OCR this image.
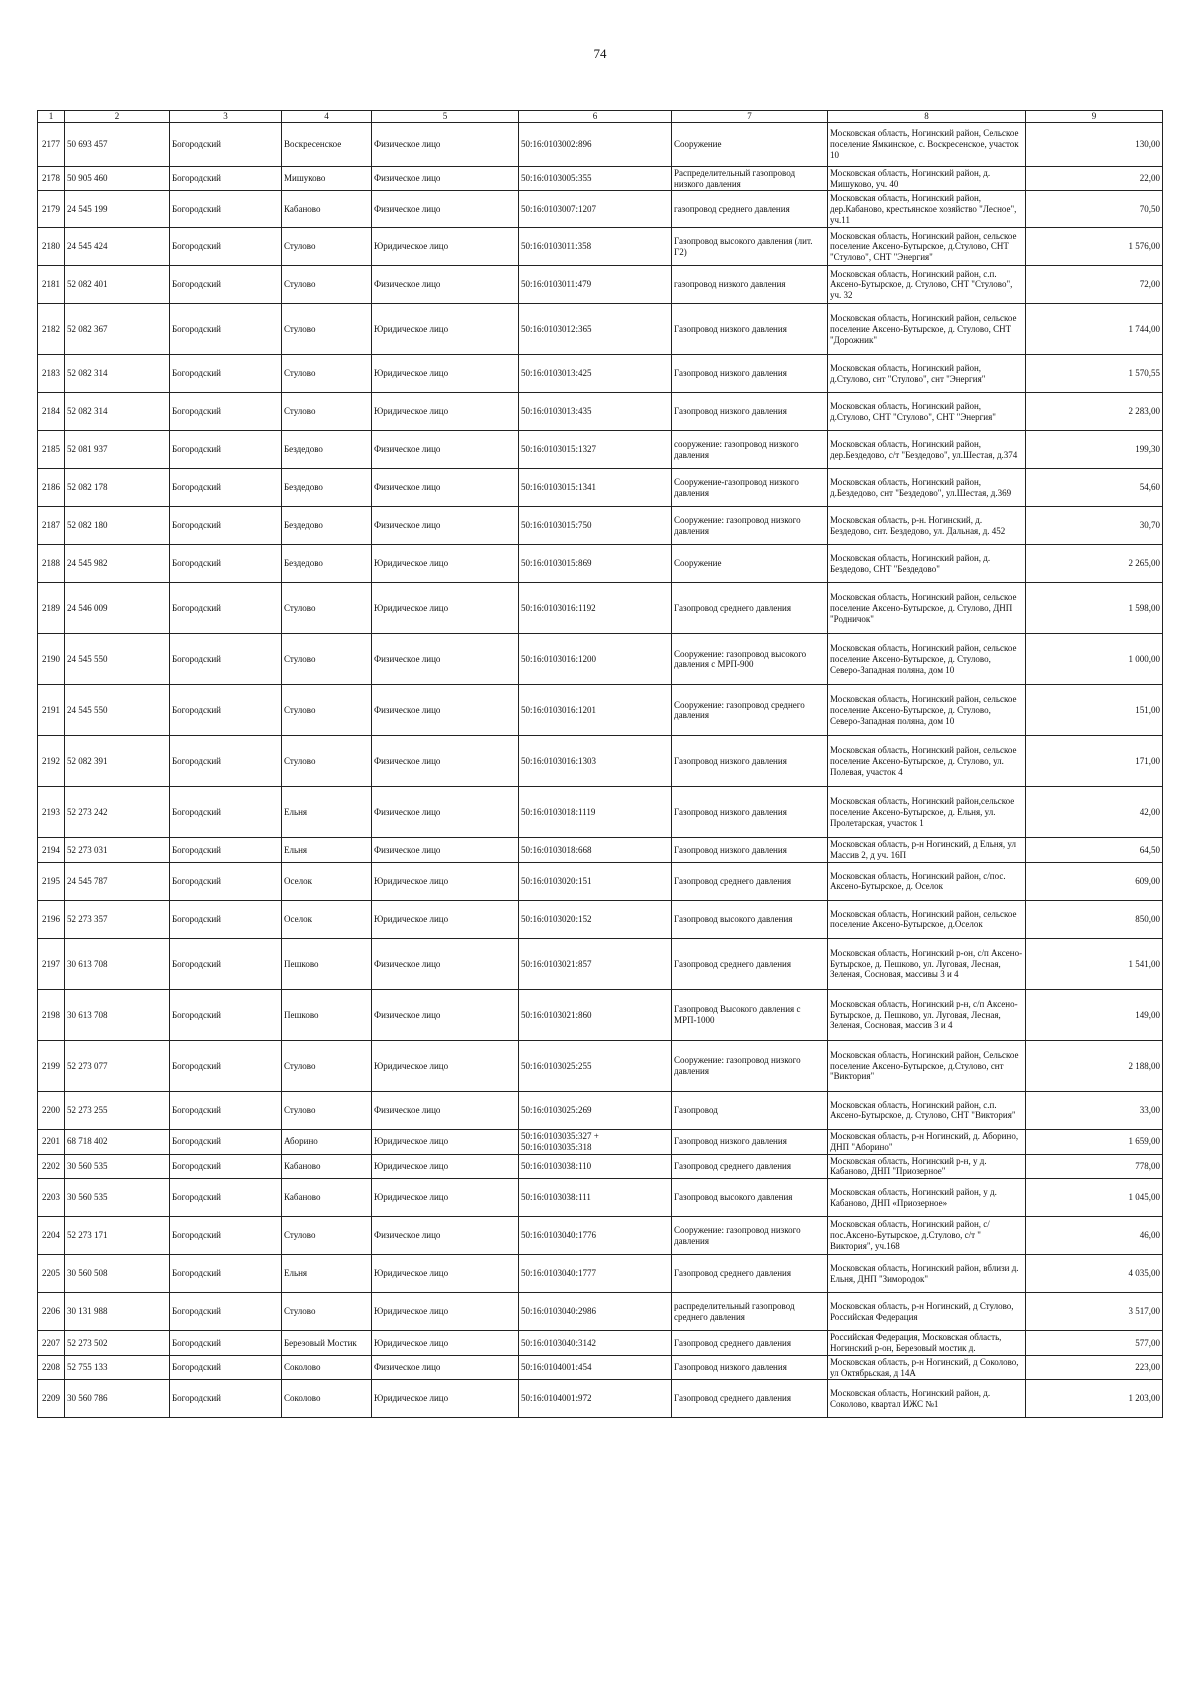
74
1	2	3	4	5	6	7	8	9
2177	50 693 457	Богородский	Воскресенское	Физическое лицо	50:16:0103002:896	Сооружение	Московская область, Ногинский район, Сельское поселение Ямкинское, с. Воскресенское, участок 10	130,00
2178	50 905 460	Богородский	Мишуково	Физическое лицо	50:16:0103005:355	Распределительный газопровод низкого давления	Московская область, Ногинский район, д. Мишуково, уч. 40	22,00
2179	24 545 199	Богородский	Кабаново	Физическое лицо	50:16:0103007:1207	газопровод среднего давления	Московская область, Ногинский район, дер.Кабаново, крестьянское хозяйство "Лесное", уч.11	70,50
2180	24 545 424	Богородский	Стулово	Юридическое лицо	50:16:0103011:358	Газопровод высокого давления (лит. Г2)	Московская область, Ногинский район, сельское поселение Аксено-Бутырское, д.Стулово, СНТ "Стулово", СНТ "Энергия"	1 576,00
2181	52 082 401	Богородский	Стулово	Физическое лицо	50:16:0103011:479	газопровод низкого давления	Московская область, Ногинский район, с.п. Аксено-Бутырское, д. Стулово, СНТ "Стулово", уч. 32	72,00
2182	52 082 367	Богородский	Стулово	Юридическое лицо	50:16:0103012:365	Газопровод низкого давления	Московская область, Ногинский район, сельское поселение Аксено-Бутырское, д. Стулово, СНТ "Дорожник"	1 744,00
2183	52 082 314	Богородский	Стулово	Юридическое лицо	50:16:0103013:425	Газопровод низкого давления	Московская область, Ногинский район, д.Стулово, снт "Стулово", снт "Энергия"	1 570,55
2184	52 082 314	Богородский	Стулово	Юридическое лицо	50:16:0103013:435	Газопровод низкого дав​ления	Московская область, Ногинский район, д.Стулово, СНТ "Стулово", СНТ "Энергия"	2 283,00
2185	52 081 937	Богородский	Бездедово	Физическое лицо	50:16:0103015:1327	сооружение: газопровод низкого давления	Московская область, Ногинский район, дер.Бездедово, с/т "Бездедово", ул.Шестая, д.374	199,30
2186	52 082 178	Богородский	Бездедово	Физическое лицо	50:16:0103015:1341	Сооружение-газопровод низкого давления	Московская область, Ногинский район, д.Бездедово, снт "Бездедово", ул.Шестая, д.369	54,60
2187	52 082 180	Богородский	Бездедово	Физическое лицо	50:16:0103015:750	Сооружение: газопровод низкого давления	Московская область, р-н. Ногинский, д. Бездедово, снт. Бездедово, ул. Дальная, д. 452	30,70
2188	24 545 982	Богородский	Бездедово	Юридическое лицо	50:16:0103015:869	Сооружение	Московская область, Ногинский район, д. Бездедово, СНТ "Бездедово"	2 265,00
2189	24 546 009	Богородский	Стулово	Юридическое лицо	50:16:0103016:1192	Газопровод среднего давления	Московская область, Ногинский район, сельское поселение Аксено-Бутырское, д. Стулово, ДНП "Родничок"	1 598,00
2190	24 545 550	Богородский	Стулово	Физическое лицо	50:16:0103016:1200	Сооружение: газопровод высокого давления с МРП-900	Московская область, Ногинский район, сельское поселение Аксено-Бутырское, д. Стулово, Северо-Западная поляна, дом 10	1 000,00
2191	24 545 550	Богородский	Стулово	Физическое лицо	50:16:0103016:1201	Сооружение: газопровод среднего давления	Московская область, Ногинский район, сельское поселение Аксено-Бутырское, д. Стулово, Северо-Западная поляна, дом 10	151,00
2192	52 082 391	Богородский	Стулово	Физическое лицо	50:16:0103016:1303	Газопровод низкого давления	Московская область, Ногинский район, сельское поселение Аксено-Бутырское, д. Стулово, ул. Полевая, участок 4	171,00
2193	52 273 242	Богородский	Ельня	Физическое лицо	50:16:0103018:1119	Газопровод низкого давления	Московская область, Ногинский район,сельское поселение Аксено-Бутырское, д. Ельня, ул. Пролетарская, участок 1	42,00
2194	52 273 031	Богородский	Ельня	Физическое лицо	50:16:0103018:668	Газопровод низкого давления	Московская область, р-н Ногинский, д Ельня, ул Массив 2, д уч. 16П	64,50
2195	24 545 787	Богородский	Оселок	Юридическое лицо	50:16:0103020:151	Газопровод среднего давления	Московская область, Ногинский район, с/пос. Аксено-Бутырское, д. Оселок	609,00
2196	52 273 357	Богородский	Оселок	Юридическое лицо	50:16:0103020:152	Газопровод высокого давления	Московская область, Ногинский район, сельское поселение Аксено-Бутырское, д.Оселок	850,00
2197	30 613 708	Богородский	Пешково	Физическое лицо	50:16:0103021:857	Газопровод среднего давления	Московская область, Ногинский р-он, с/п Аксено-Бутырское, д. Пешково, ул. Луговая, Лесная, Зеленая, Сосновая, массивы 3 и 4	1 541,00
2198	30 613 708	Богородский	Пешково	Физическое лицо	50:16:0103021:860	Газопровод Высокого давления с МРП-1000	Московская область, Ногинский р-н, с/п Аксено-Бутырское, д. Пешково, ул. Луговая, Лесная, Зеленая, Сосновая, массив 3 и 4	149,00
2199	52 273 077	Богородский	Стулово	Юридическое лицо	50:16:0103025:255	Сооружение: газопровод низкого давления	Московская область, Ногинский район, Сельское поселение Аксено-Бутырское, д.Стулово, снт "Виктория"	2 188,00
2200	52 273 255	Богородский	Стулово	Физическое лицо	50:16:0103025:269	Газопровод	Московская область, Ногинский район, с.п. Аксено-Бутырское, д. Стулово, СНТ "Виктория"	33,00
2201	68 718 402	Богородский	Аборино	Юридическое лицо	50:16:0103035:327 + 50:16:0103035:318	Газопровод низкого давления	Московская область, р-н Ногинский, д. Аборино, ДНП "Аборино"	1 659,00
2202	30 560 535	Богородский	Кабаново	Юридическое лицо	50:16:0103038:110	Газопровод среднего давления	Московская область, Ногинский р-н, у д. Кабаново, ДНП "Приозерное"	778,00
2203	30 560 535	Богородский	Кабаново	Юридическое лицо	50:16:0103038:111	Газопровод высокого давления	Московская область, Ногинский район, у д. Кабаново, ДНП «Приозерное»	1 045,00
2204	52 273 171	Богородский	Стулово	Физическое лицо	50:16:0103040:1776	Сооружение: газопровод низкого давления	Московская область, Ногинский район, с/пос.Аксено-Бутырское, д.Стулово, с/т " Виктория", уч.168	46,00
2205	30 560 508	Богородский	Ельня	Юридическое лицо	50:16:0103040:1777	Газопровод среднего давления	Московская область, Ногинский район, вблизи д. Ельня, ДНП "Зимородок"	4 035,00
2206	30 131 988	Богородский	Стулово	Юридическое лицо	50:16:0103040:2986	распределительный газопровод среднего давления	Московская область, р-н Ногинский, д Стулово, Российская Федерация	3 517,00
2207	52 273 502	Богородский	Березовый Мостик	Юридическое лицо	50:16:0103040:3142	Газопровод среднего давления	Российская Федерация, Московская область, Ногинский р-он, Березовый мостик д.	577,00
2208	52 755 133	Богородский	Соколово	Физическое лицо	50:16:0104001:454	Газопровод низкого давления	Московская область, р-н Ногинский, д Соколово, ул Октябрьская, д 14А	223,00
2209	30 560 786	Богородский	Соколово	Юридическое лицо	50:16:0104001:972	Газопровод среднего давления	Московская область, Ногинский район, д. Соколово, квартал ИЖС №1	1 203,00
